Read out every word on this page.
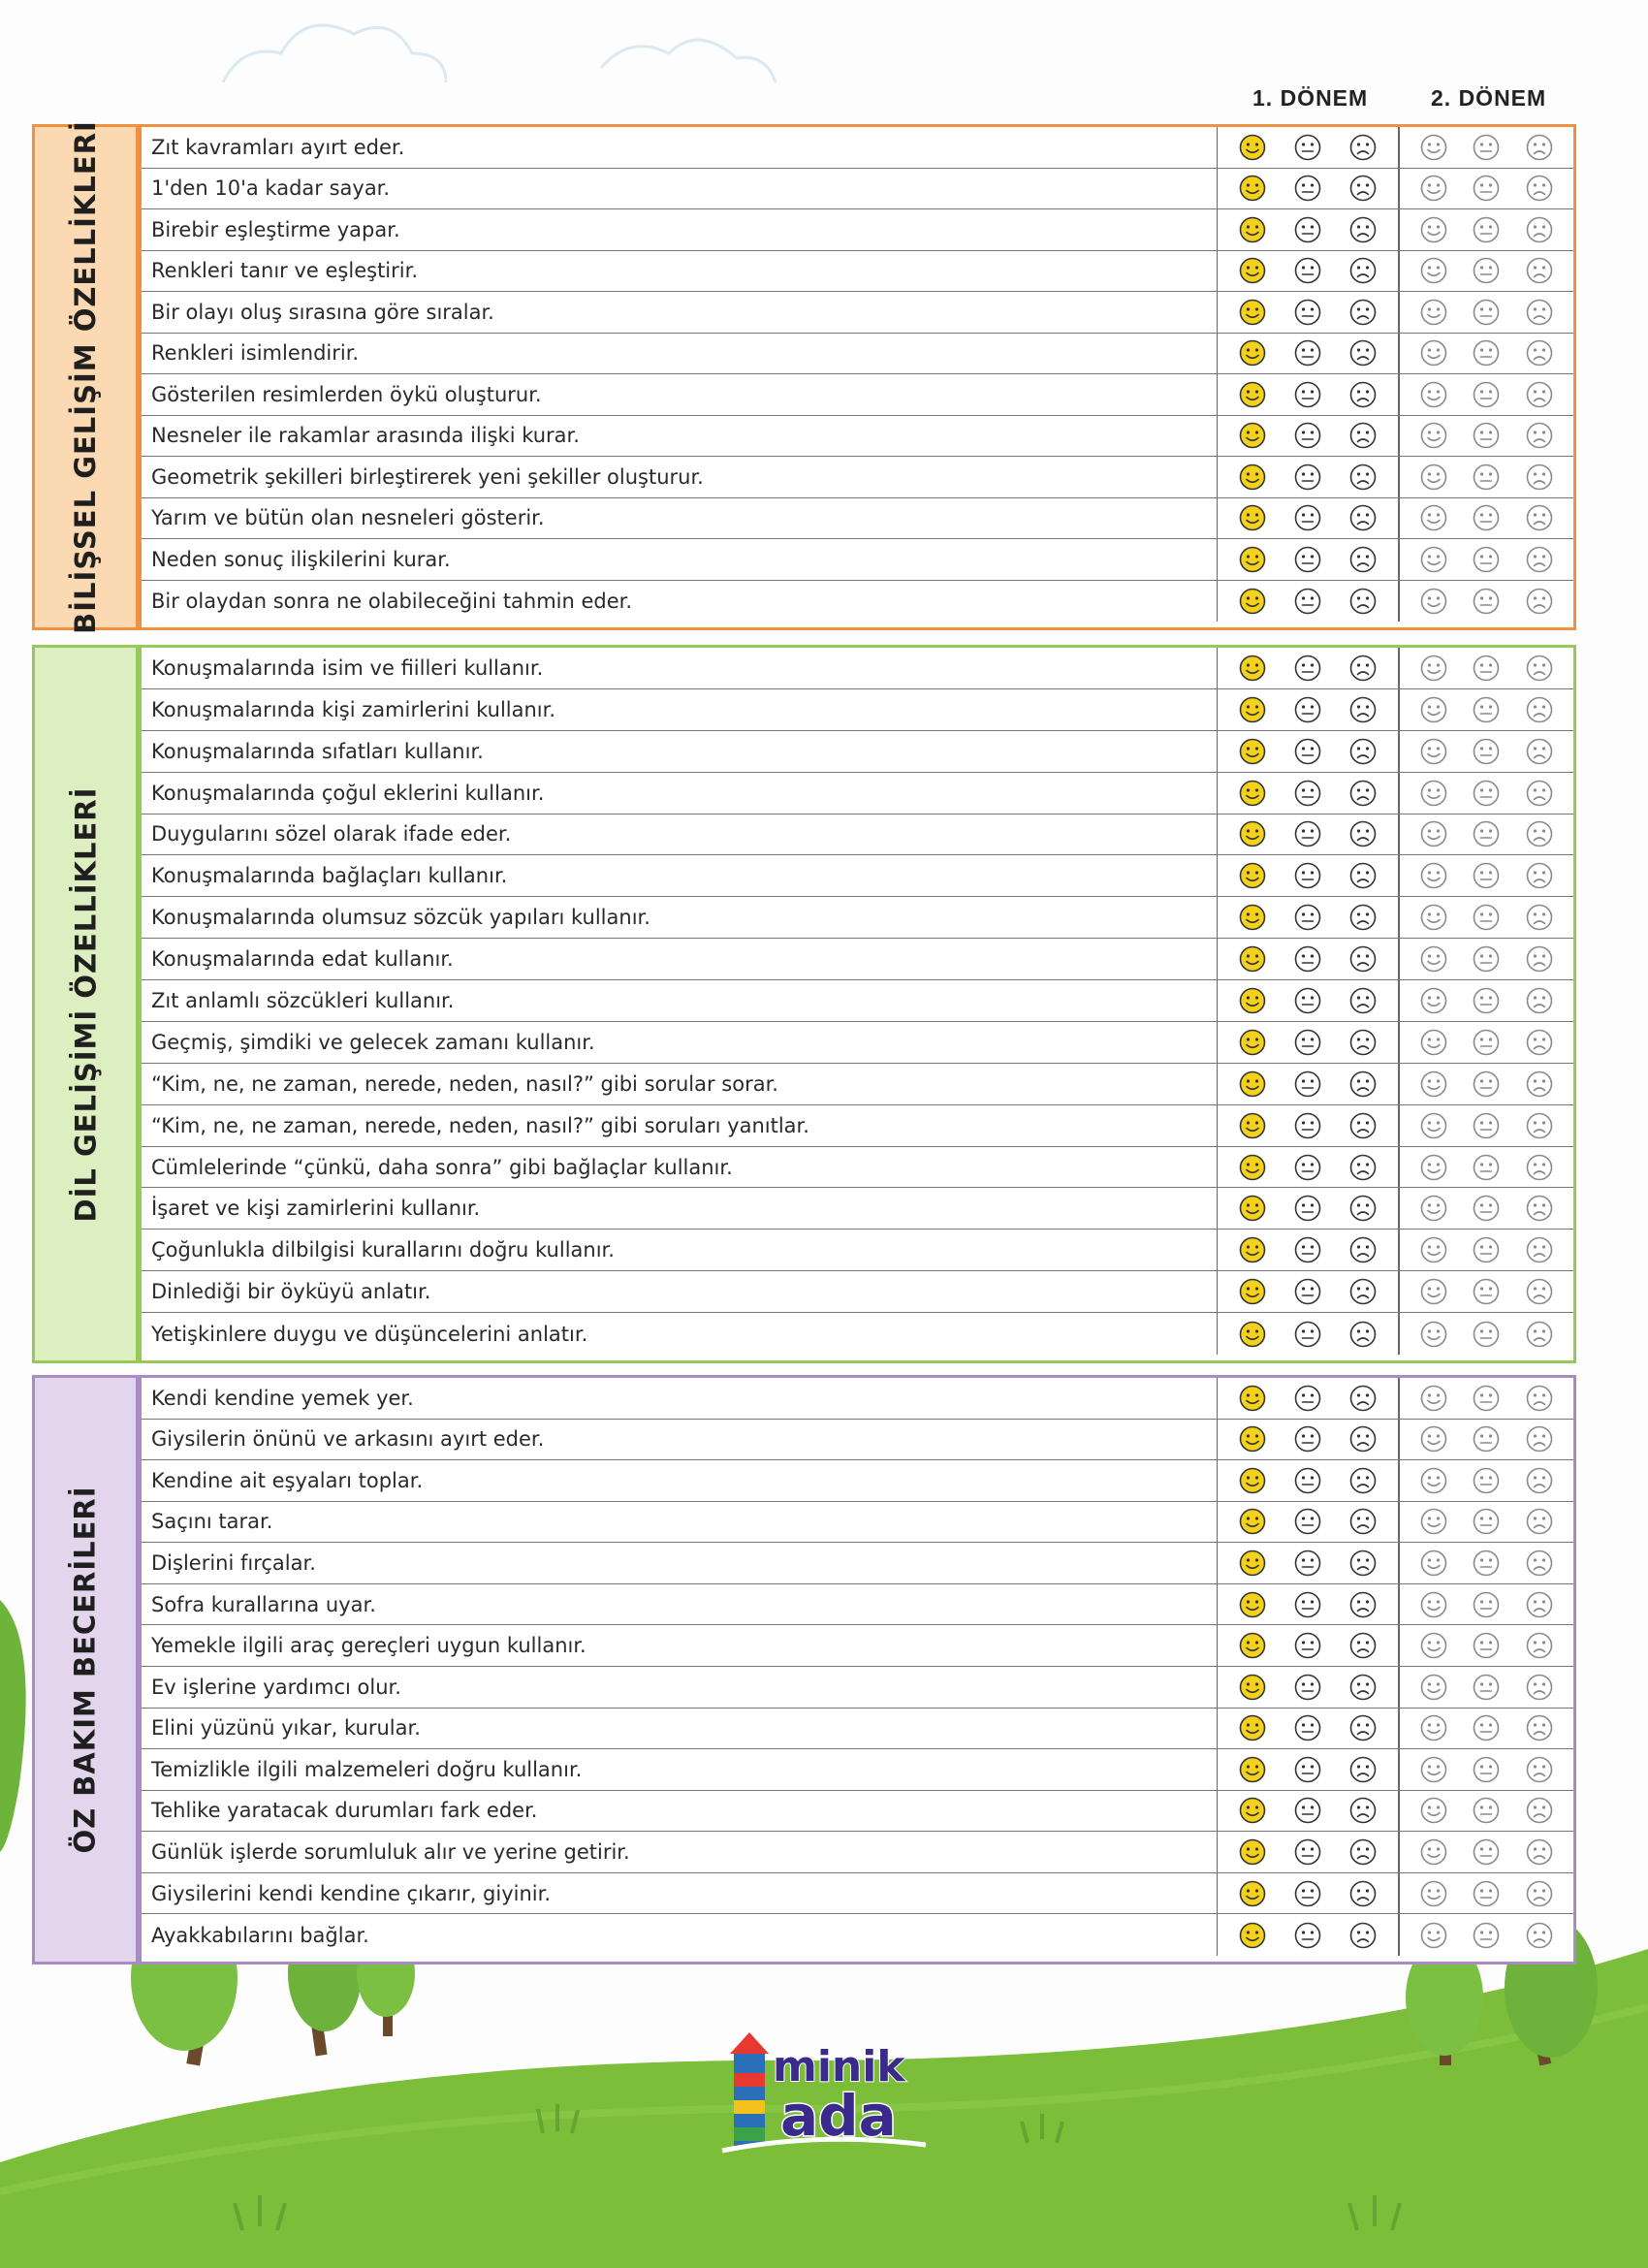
1. DÖNEM	2. DÖNEM
BİLİŞSEL GELİŞİM ÖZELLİKLERİ	Zıt kavramları ayırt eder.
1'den 10'a kadar sayar.
Birebir eşleştirme yapar.
Renkleri tanır ve eşleştirir.
Bir olayı oluş sırasına göre sıralar.
Renkleri isimlendirir.
Gösterilen resimlerden öykü oluşturur.
Nesneler ile rakamlar arasında ilişki kurar.
Geometrik şekilleri birleştirerek yeni şekiller oluşturur.
Yarım ve bütün olan nesneleri gösterir.
Neden sonuç ilişkilerini kurar.
Bir olaydan sonra ne olabileceğini tahmin eder.
DİL GELİŞİMİ ÖZELLİKLERİ
Konuşmalarında isim ve fiilleri kullanır.
Konuşmalarında kişi zamirlerini kullanır.
Konuşmalarında sıfatları kullanır.
Konuşmalarında çoğul eklerini kullanır.
Duygularını sözel olarak ifade eder.
Konuşmalarında bağlaçları kullanır.
Konuşmalarında olumsuz sözcük yapıları kullanır.
Konuşmalarında edat kullanır.
Zıt anlamlı sözcükleri kullanır.
Geçmiş, şimdiki ve gelecek zamanı kullanır.
“Kim, ne, ne zaman, nerede, neden, nasıl?” gibi sorular sorar.
“Kim, ne, ne zaman, nerede, neden, nasıl?” gibi soruları yanıtlar.
Cümlelerinde “çünkü, daha sonra” gibi bağlaçlar kullanır.
İşaret ve kişi zamirlerini kullanır.
Çoğunlukla dilbilgisi kurallarını doğru kullanır.
Dinlediği bir öyküyü anlatır.
Yetişkinlere duygu ve düşüncelerini anlatır.
ÖZ BAKIM BECERİLERİ
Kendi kendine yemek yer.
Giysilerin önünü ve arkasını ayırt eder.
Kendine ait eşyaları toplar.
Saçını tarar.
Dişlerini fırçalar.
Sofra kurallarına uyar.
Yemekle ilgili araç gereçleri uygun kullanır.
Ev işlerine yardımcı olur.
Elini yüzünü yıkar, kurular.
Temizlikle ilgili malzemeleri doğru kullanır.
Tehlike yaratacak durumları fark eder.
Günlük işlerde sorumluluk alır ve yerine getirir.
Giysilerini kendi kendine çıkarır, giyinir.
Ayakkabılarını bağlar.
minik
ada
